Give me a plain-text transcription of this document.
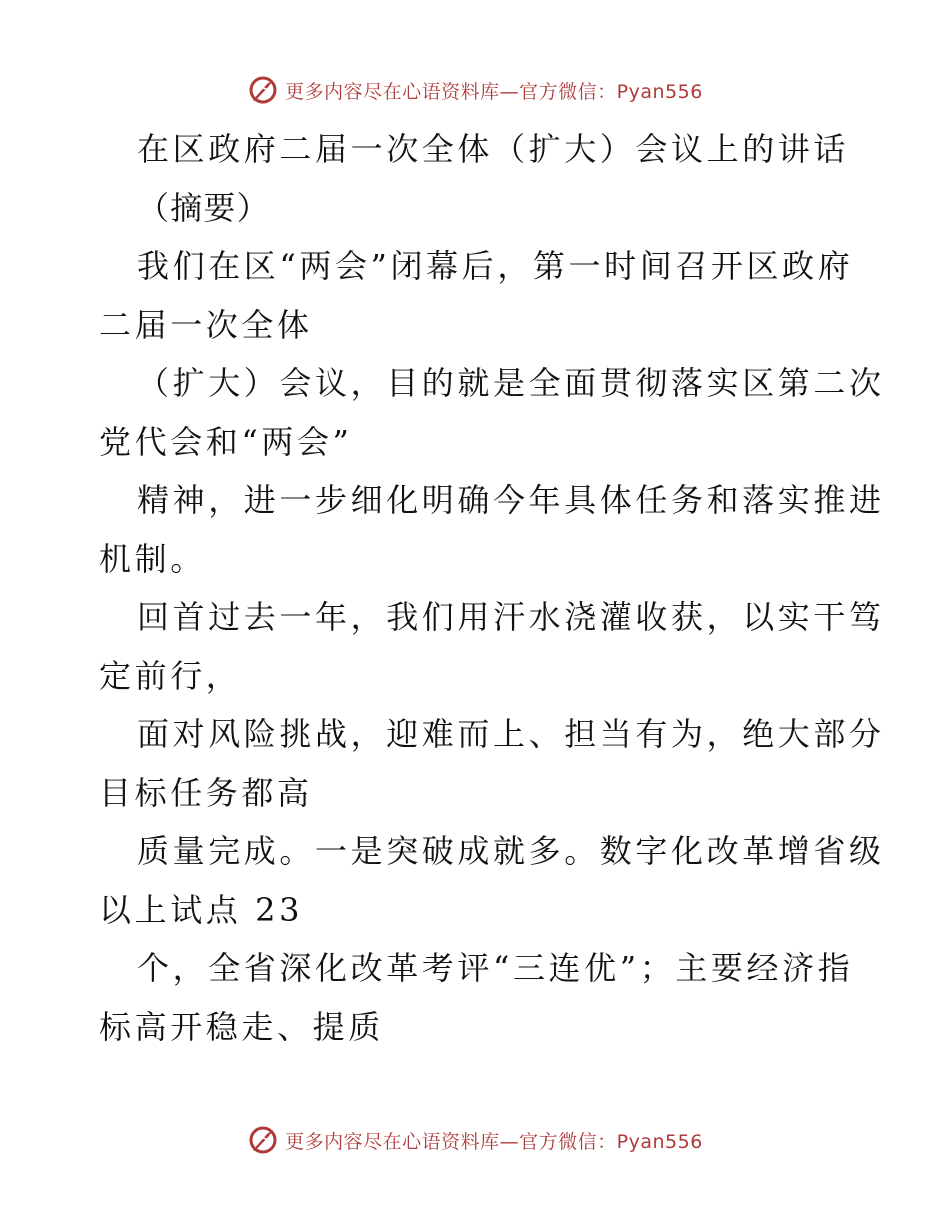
更多内容尽在心语资料库—官方微信：Pyan556
在区政府二届一次全体（扩大）会议上的讲话
（摘要）
我们在区“两会”闭幕后，第一时间召开区政府
二届一次全体
（扩大）会议，目的就是全面贯彻落实区第二次
党代会和“两会”
精神，进一步细化明确今年具体任务和落实推进
机制。
回首过去一年，我们用汗水浇灌收获，以实干笃
定前行，
面对风险挑战，迎难而上、担当有为，绝大部分
目标任务都高
质量完成。一是突破成就多。数字化改革增省级
以上试点 23
个，全省深化改革考评“三连优”；主要经济指
标高开稳走、提质
更多内容尽在心语资料库—官方微信：Pyan556
